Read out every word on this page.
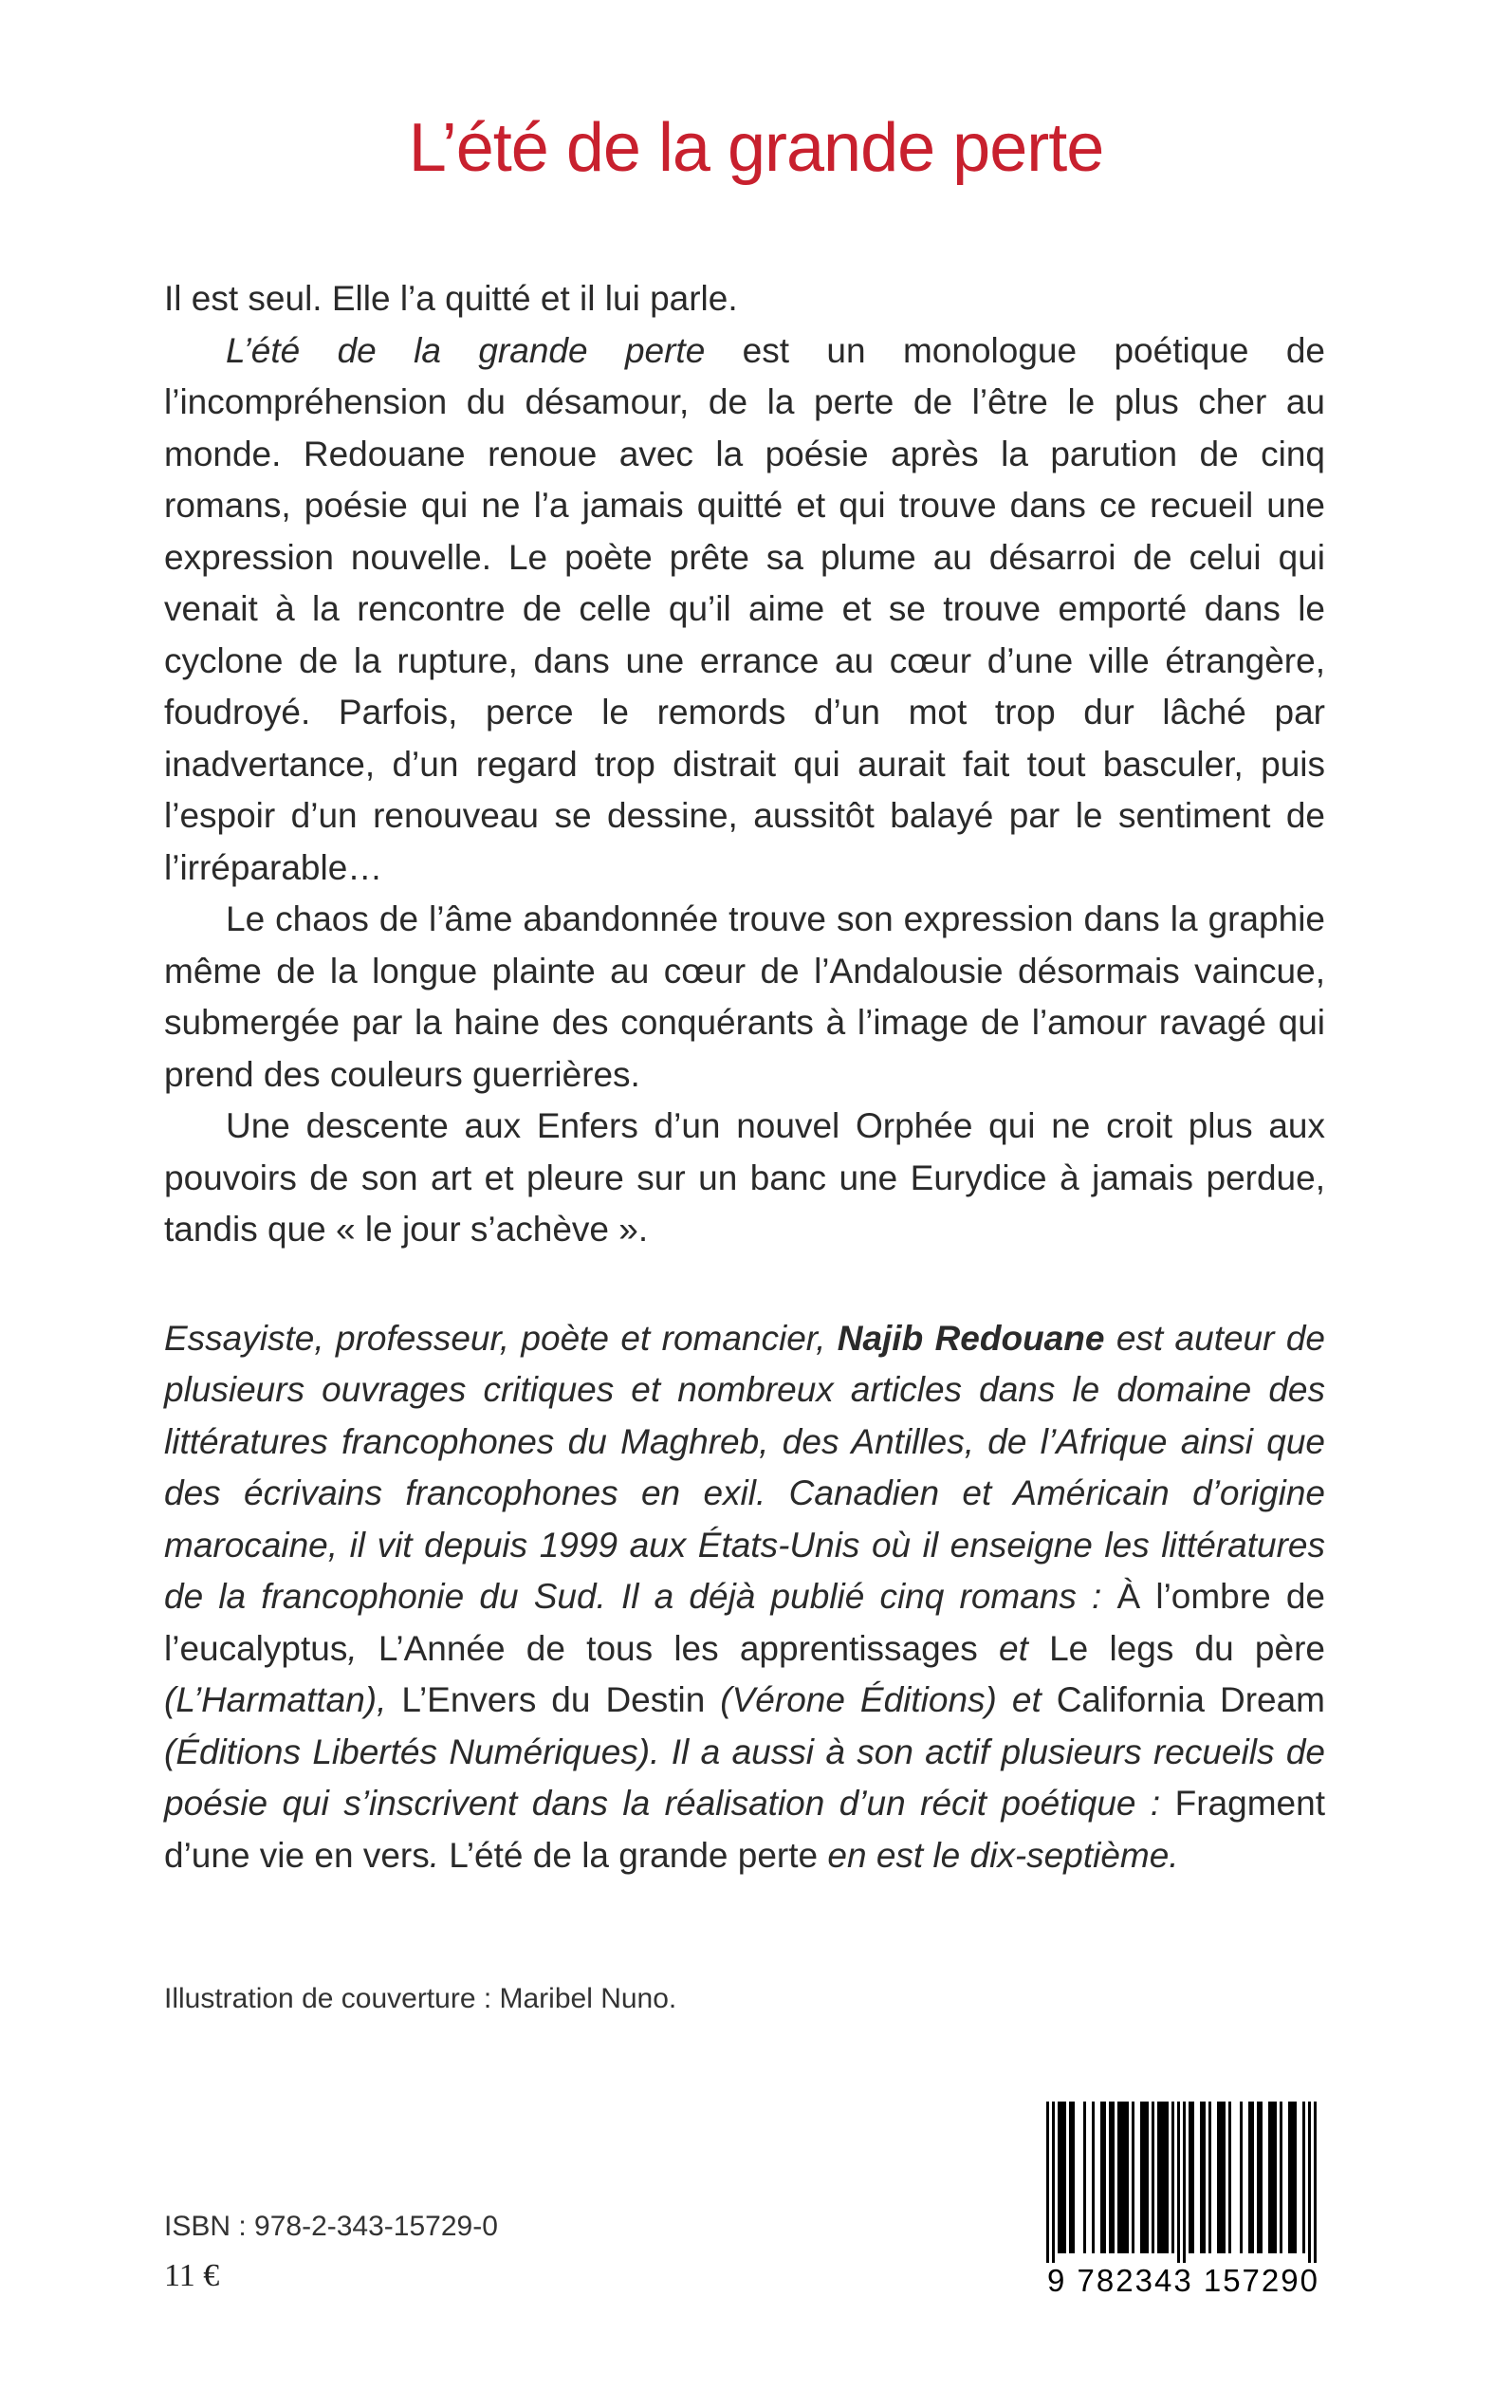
L’été de la grande perte

Il est seul. Elle l’a quitté et il lui parle.

L’été de la grande perte est un monologue poétique de l’incompréhension du désamour, de la perte de l’être le plus cher au monde. Redouane renoue avec la poésie après la parution de cinq romans, poésie qui ne l’a jamais quitté et qui trouve dans ce recueil une expression nouvelle. Le poète prête sa plume au désarroi de celui qui venait à la rencontre de celle qu’il aime et se trouve emporté dans le cyclone de la rupture, dans une errance au cœur d’une ville étrangère, foudroyé. Parfois, perce le remords d’un mot trop dur lâché par inadvertance, d’un regard trop distrait qui aurait fait tout basculer, puis l’espoir d’un renouveau se dessine, aussitôt balayé par le sentiment de l’irréparable…

Le chaos de l’âme abandonnée trouve son expression dans la graphie même de la longue plainte au cœur de l’Andalousie désormais vaincue, submergée par la haine des conquérants à l’image de l’amour ravagé qui prend des couleurs guerrières.

Une descente aux Enfers d’un nouvel Orphée qui ne croit plus aux pouvoirs de son art et pleure sur un banc une Eurydice à jamais perdue, tandis que « le jour s’achève ».

Essayiste, professeur, poète et romancier, Najib Redouane est auteur de plusieurs ouvrages critiques et nombreux articles dans le domaine des littératures francophones du Maghreb, des Antilles, de l’Afrique ainsi que des écrivains francophones en exil. Canadien et Américain d’origine marocaine, il vit depuis 1999 aux États-Unis où il enseigne les littératures de la francophonie du Sud. Il a déjà publié cinq romans : À l’ombre de l’eucalyptus, L’Année de tous les apprentissages et Le legs du père (L’Harmattan), L’Envers du Destin (Vérone Éditions) et California Dream (Éditions Libertés Numériques). Il a aussi à son actif plusieurs recueils de poésie qui s’inscrivent dans la réalisation d’un récit poétique : Fragment d’une vie en vers. L’été de la grande perte en est le dix-septième.

Illustration de couverture : Maribel Nuno.
ISBN : 978-2-343-15729-0
11 €	9 782343 157290
